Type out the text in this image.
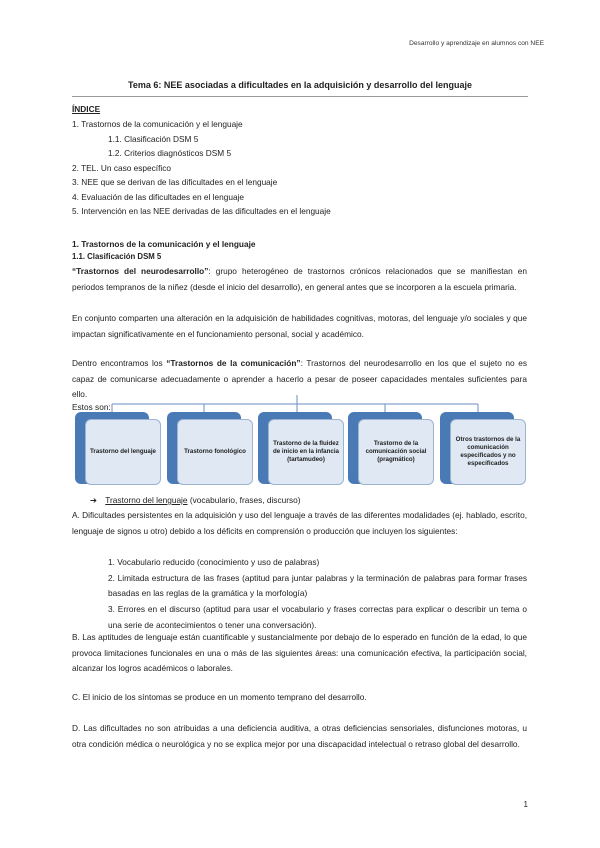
Desarrollo y aprendizaje en alumnos con NEE
Tema 6: NEE asociadas a dificultades en la adquisición y desarrollo del lenguaje
ÍNDICE
1. Trastornos de la comunicación y el lenguaje
1.1. Clasificación DSM 5
1.2. Criterios diagnósticos DSM 5
2. TEL. Un caso específico
3. NEE que se derivan de las dificultades en el lenguaje
4. Evaluación de las dificultades en el lenguaje
5. Intervención en las NEE derivadas de las dificultades en el lenguaje
1. Trastornos de la comunicación y el lenguaje
1.1. Clasificación DSM 5
“Trastornos del neurodesarrollo”: grupo heterogéneo de trastornos crónicos relacionados que se manifiestan en periodos tempranos de la niñez (desde el inicio del desarrollo), en general antes que se incorporen a la escuela primaria.
En conjunto comparten una alteración en la adquisición de habilidades cognitivas, motoras, del lenguaje y/o sociales y que impactan significativamente en el funcionamiento personal, social y académico.
Dentro encontramos los “Trastornos de la comunicación”: Trastornos del neurodesarrollo en los que el sujeto no es capaz de comunicarse adecuadamente o aprender a hacerlo a pesar de poseer capacidades mentales suficientes para ello.
Estos son:
Trastorno del lenguaje	Trastorno fonológico
Trastorno de la fluidez de inicio en la infancia (tartamudeo)
Trastorno de la comunicación social (pragmático)
Otros trastornos de la comunicación especificados y no especificados
➔ Trastorno del lenguaje (vocabulario, frases, discurso)
A. Dificultades persistentes en la adquisición y uso del lenguaje a través de las diferentes modalidades (ej. hablado, escrito, lenguaje de signos u otro) debido a los déficits en comprensión o producción que incluyen los siguientes:
1. Vocabulario reducido (conocimiento y uso de palabras)
2. Limitada estructura de las frases (aptitud para juntar palabras y la terminación de palabras para formar frases basadas en las reglas de la gramática y la morfología)
3. Errores en el discurso (aptitud para usar el vocabulario y frases correctas para explicar o describir un tema o una serie de acontecimientos o tener una conversación).
B. Las aptitudes de lenguaje están cuantificable y sustancialmente por debajo de lo esperado en función de la edad, lo que provoca limitaciones funcionales en una o más de las siguientes áreas: una comunicación efectiva, la participación social, alcanzar los logros académicos o laborales.
C. El inicio de los síntomas se produce en un momento temprano del desarrollo.
D. Las dificultades no son atribuidas a una deficiencia auditiva, a otras deficiencias sensoriales, disfunciones motoras, u otra condición médica o neurológica y no se explica mejor por una discapacidad intelectual o retraso global del desarrollo.
1
